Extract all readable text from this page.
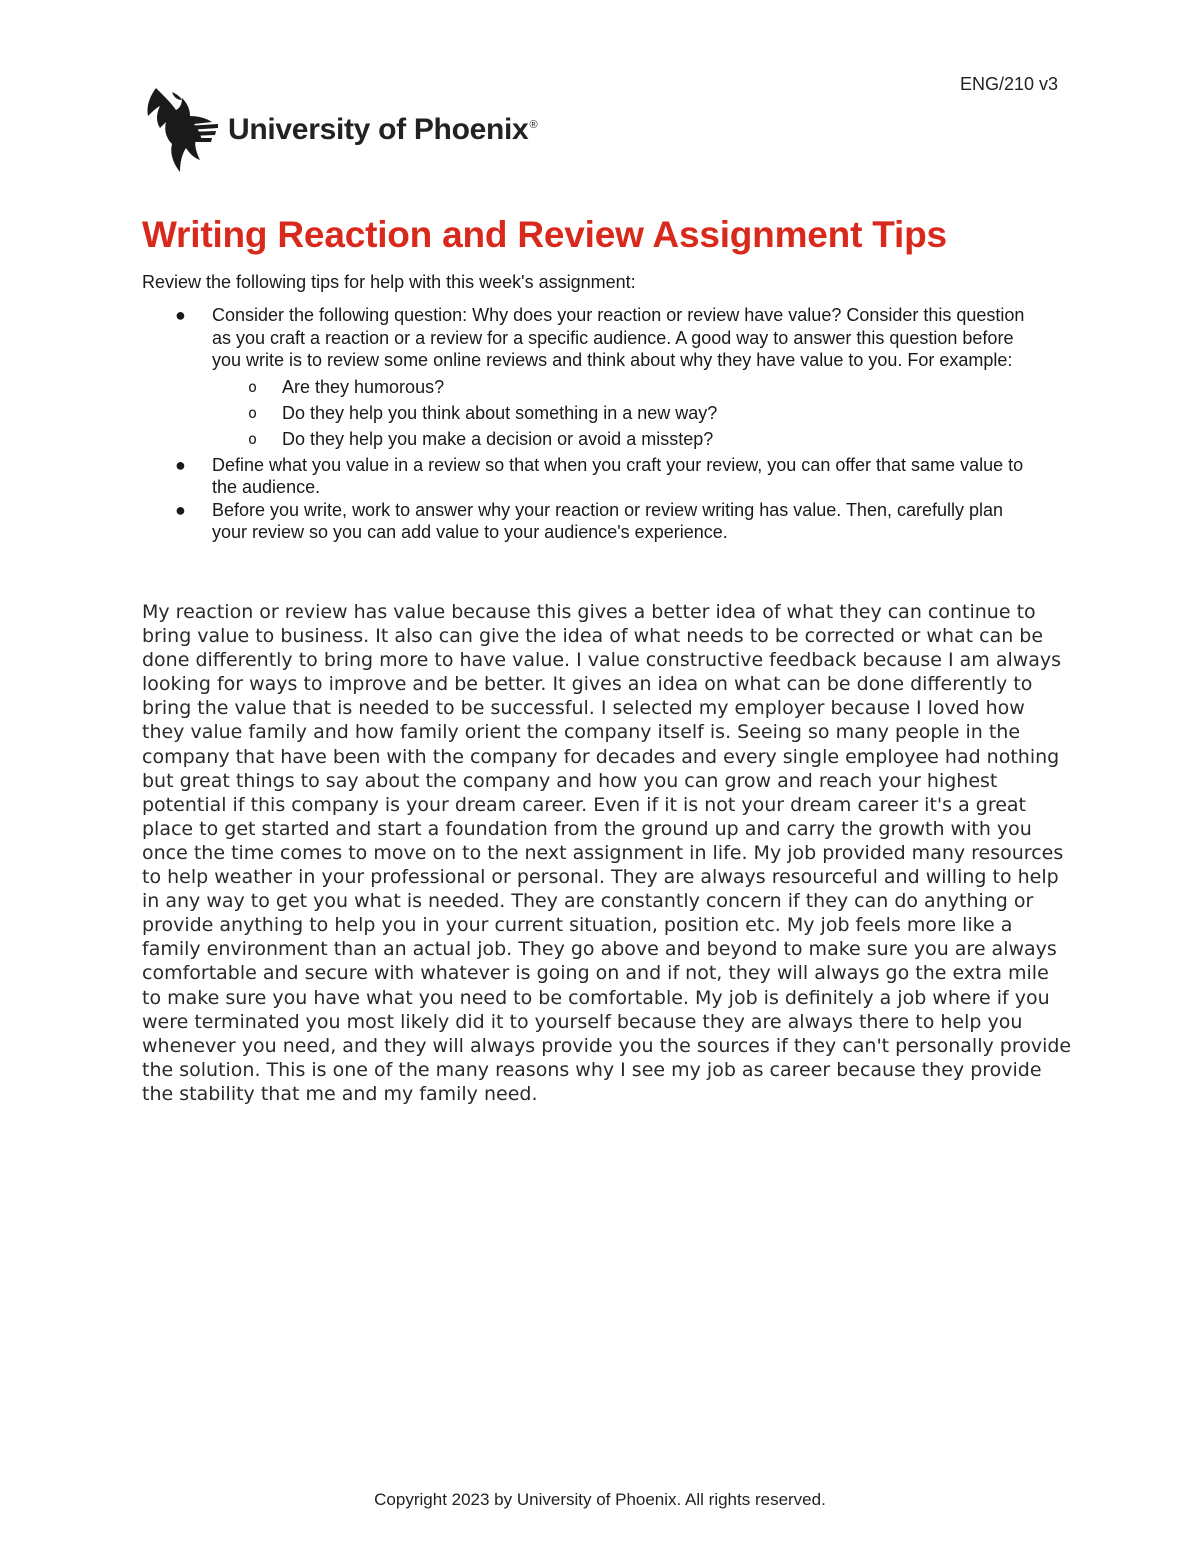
ENG/210 v3
University of Phoenix®
Writing Reaction and Review Assignment Tips

Review the following tips for help with this week's assignment:

● Consider the following question: Why does your reaction or review have value? Consider this question as you craft a reaction or a review for a specific audience. A good way to answer this question before you write is to review some online reviews and think about why they have value to you. For example:
o Are they humorous?
o Do they help you think about something in a new way?
o Do they help you make a decision or avoid a misstep?
● Define what you value in a review so that when you craft your review, you can offer that same value to the audience.
● Before you write, work to answer why your reaction or review writing has value. Then, carefully plan your review so you can add value to your audience's experience.

My reaction or review has value because this gives a better idea of what they can continue to bring value to business. It also can give the idea of what needs to be corrected or what can be done differently to bring more to have value. I value constructive feedback because I am always looking for ways to improve and be better. It gives an idea on what can be done differently to bring the value that is needed to be successful. I selected my employer because I loved how they value family and how family orient the company itself is. Seeing so many people in the company that have been with the company for decades and every single employee had nothing but great things to say about the company and how you can grow and reach your highest potential if this company is your dream career. Even if it is not your dream career it's a great place to get started and start a foundation from the ground up and carry the growth with you once the time comes to move on to the next assignment in life. My job provided many resources to help weather in your professional or personal. They are always resourceful and willing to help in any way to get you what is needed. They are constantly concern if they can do anything or provide anything to help you in your current situation, position etc. My job feels more like a family environment than an actual job. They go above and beyond to make sure you are always comfortable and secure with whatever is going on and if not, they will always go the extra mile to make sure you have what you need to be comfortable. My job is definitely a job where if you were terminated you most likely did it to yourself because they are always there to help you whenever you need, and they will always provide you the sources if they can't personally provide the solution. This is one of the many reasons why I see my job as career because they provide the stability that me and my family need.

Copyright 2023 by University of Phoenix. All rights reserved.
